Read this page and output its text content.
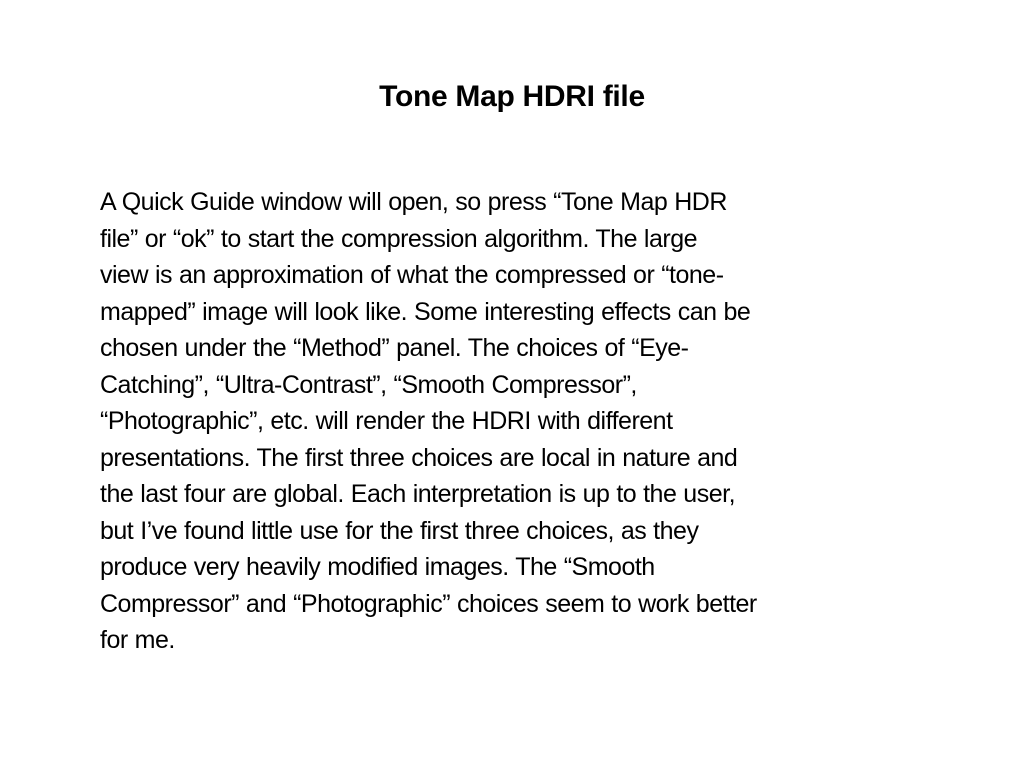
Tone Map HDRI file

A Quick Guide window will open, so press “Tone Map HDR
file” or “ok” to start the compression algorithm. The large
view is an approximation of what the compressed or “tone-
mapped” image will look like. Some interesting effects can be
chosen under the “Method” panel. The choices of “Eye-
Catching”, “Ultra-Contrast”, “Smooth Compressor”,
“Photographic”, etc. will render the HDRI with different
presentations. The first three choices are local in nature and
the last four are global. Each interpretation is up to the user,
but I’ve found little use for the first three choices, as they
produce very heavily modified images. The “Smooth
Compressor” and “Photographic” choices seem to work better
for me.
